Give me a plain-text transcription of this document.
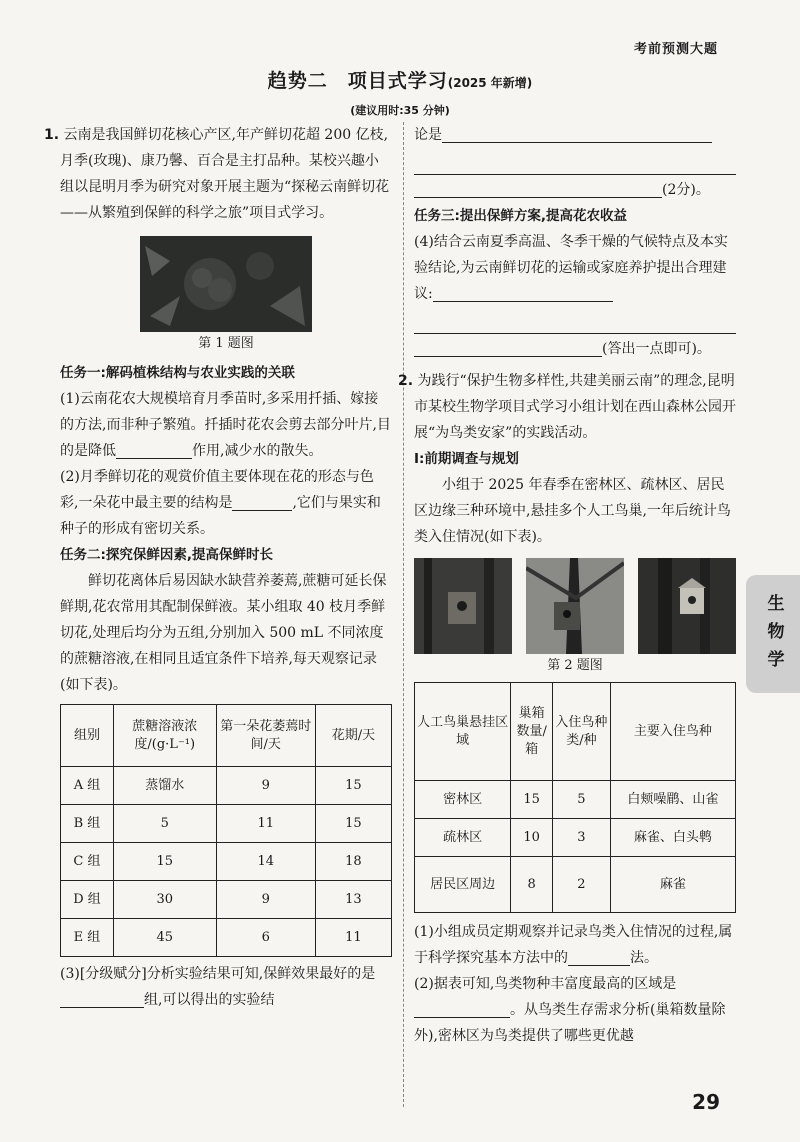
考前预测大题
趋势二　项目式学习(2025 年新增)
(建议用时:35 分钟)

1. 云南是我国鲜切花核心产区,年产鲜切花超 200 亿枝,月季(玫瑰)、康乃馨、百合是主打品种。某校兴趣小组以昆明月季为研究对象开展主题为“探秘云南鲜切花——从繁殖到保鲜的科学之旅”项目式学习。

第 1 题图

任务一:解码植株结构与农业实践的关联

(1)云南花农大规模培育月季苗时,多采用扦插、嫁接的方法,而非种子繁殖。扦插时花农会剪去部分叶片,目的是降低	作用,减少水的散失。

(2)月季鲜切花的观赏价值主要体现在花的形态与色彩,一朵花中最主要的结构是	,它们与果实和种子的形成有密切关系。

任务二:探究保鲜因素,提高保鲜时长

鲜切花离体后易因缺水缺营养萎蔫,蔗糖可延长保鲜期,花农常用其配制保鲜液。某小组取 40 枝月季鲜切花,处理后均分为五组,分别加入 500 mL 不同浓度的蔗糖溶液,在相同且适宜条件下培养,每天观察记录(如下表)。

组别	蔗糖溶液浓度/(g·L⁻¹)	第一朵花萎蔫时间/天	花期/天
A 组	蒸馏水	9	15
B 组	5	11	15
C 组	15	14	18
D 组	30	9	13
E 组	45	6	11

(3)[分级赋分]分析实验结果可知,保鲜效果最好的是组,可以得出的实验结

论是

(2分)。

任务三:提出保鲜方案,提高花农收益

(4)结合云南夏季高温、冬季干燥的气候特点及本实验结论,为云南鲜切花的运输或家庭养护提出合理建议:

(答出一点即可)。

2. 为践行“保护生物多样性,共建美丽云南”的理念,昆明市某校生物学项目式学习小组计划在西山森林公园开展“为鸟类安家”的实践活动。

Ⅰ:前期调查与规划

小组于 2025 年春季在密林区、疏林区、居民区边缘三种环境中,悬挂多个人工鸟巢,一年后统计鸟类入住情况(如下表)。

第 2 题图
人工鸟巢悬挂区域	巢箱数量/箱	入住鸟种类/种	主要入住鸟种
密林区	15	5	白颊噪鹛、山雀
疏林区	10	3	麻雀、白头鹎
居民区周边	8	2	麻雀

(1)小组成员定期观察并记录鸟类入住情况的过程,属于科学探究基本方法中的	法。

(2)据表可知,鸟类物种丰富度最高的区域是。从鸟类生存需求分析(巢箱数量除外),密林区为鸟类提供了哪些更优越

生物学
29
